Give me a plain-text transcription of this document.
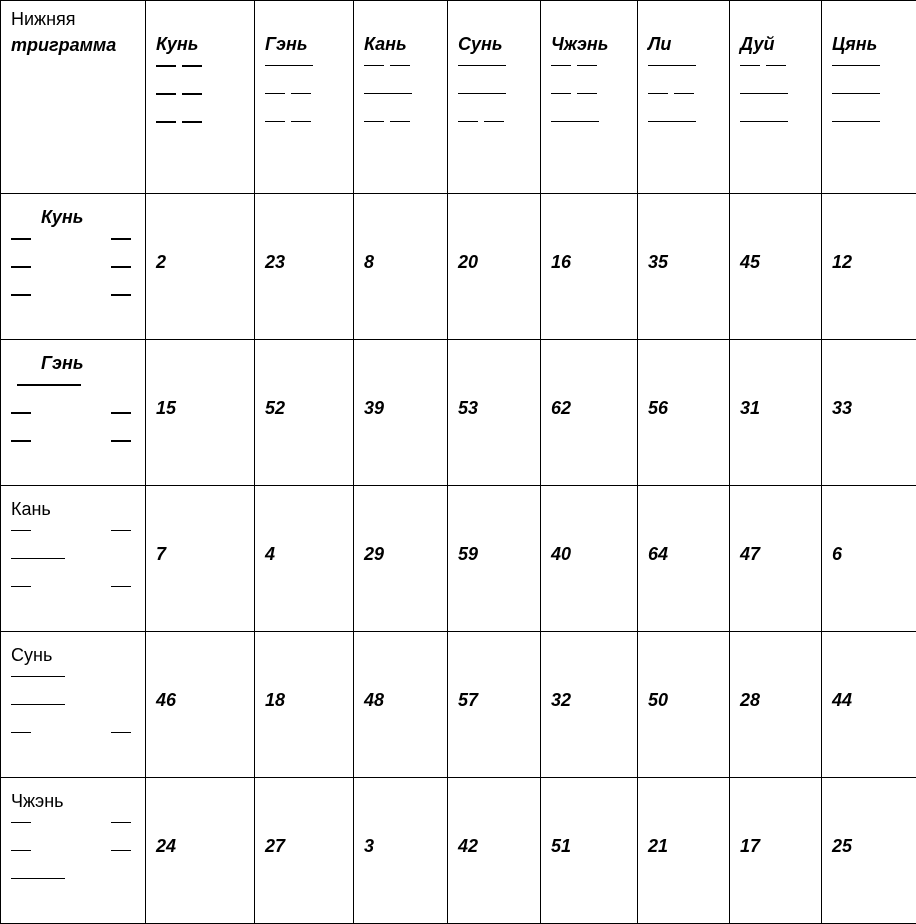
Нижняя
триграмма	Кунь	Гэнь	Кань	Сунь	Чжэнь	Ли	Дуй	Цянь

Кунь	2	23	8	20	16	35	45	12

Гэнь	15	52	39	53	62	56	31	33

Кань	7	4	29	59	40	64	47	6

Сунь	46	18	48	57	32	50	28	44

Чжэнь	24	27	3	42	51	21	17	25
